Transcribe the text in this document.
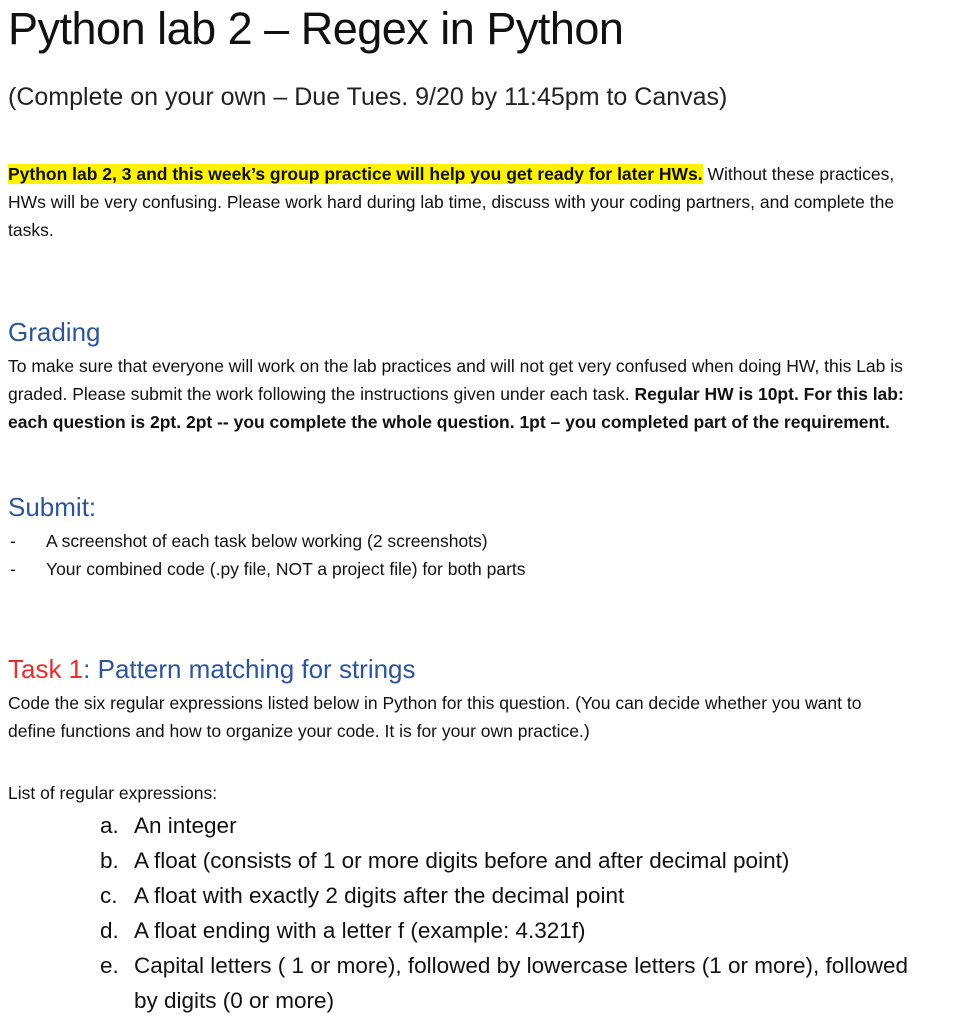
Python lab 2 – Regex in Python
(Complete on your own – Due Tues. 9/20 by 11:45pm to Canvas)
Python lab 2, 3 and this week’s group practice will help you get ready for later HWs. Without these practices, HWs will be very confusing. Please work hard during lab time, discuss with your coding partners, and complete the tasks.
Grading
To make sure that everyone will work on the lab practices and will not get very confused when doing HW, this Lab is graded. Please submit the work following the instructions given under each task. Regular HW is 10pt. For this lab: each question is 2pt. 2pt -- you complete the whole question. 1pt – you completed part of the requirement.
Submit:
- A screenshot of each task below working (2 screenshots)
- Your combined code (.py file, NOT a project file) for both parts
Task 1: Pattern matching for strings
Code the six regular expressions listed below in Python for this question. (You can decide whether you want to define functions and how to organize your code. It is for your own practice.)
List of regular expressions:
a. An integer
b. A float (consists of 1 or more digits before and after decimal point)
c. A float with exactly 2 digits after the decimal point
d. A float ending with a letter f (example: 4.321f)
e. Capital letters ( 1 or more), followed by lowercase letters (1 or more), followed by digits (0 or more)
